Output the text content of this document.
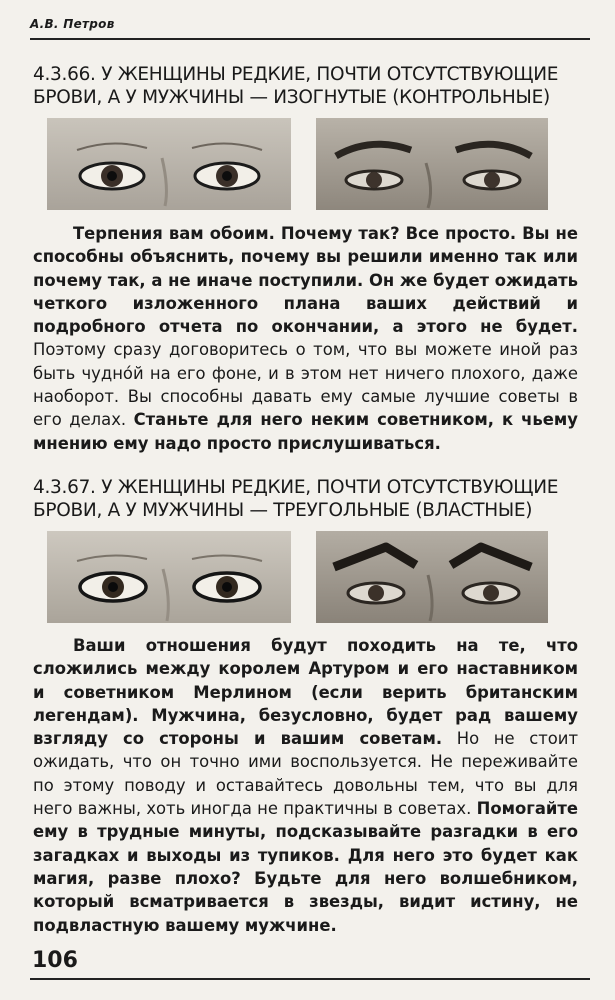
А.В. Петров
4.3.66. У ЖЕНЩИНЫ РЕДКИЕ, ПОЧТИ ОТСУТСТВУЮЩИЕ
БРОВИ, А У МУЖЧИНЫ — ИЗОГНУТЫЕ (КОНТРОЛЬНЫЕ)
Терпения вам обоим. Почему так? Все просто. Вы не способны объяснить, почему вы решили именно так или почему так, а не иначе поступили. Он же будет ожидать четкого изложенного плана ваших действий и подробного отчета по окончании, а этого не будет. Поэтому сразу договоритесь о том, что вы можете иной раз быть чудно́й на его фоне, и в этом нет ничего плохого, даже наоборот. Вы способны давать ему самые лучшие советы в его делах. Станьте для него неким советником, к чьему мнению ему надо просто прислушиваться.
4.3.67. У ЖЕНЩИНЫ РЕДКИЕ, ПОЧТИ ОТСУТСТВУЮЩИЕ
БРОВИ, А У МУЖЧИНЫ — ТРЕУГОЛЬНЫЕ (ВЛАСТНЫЕ)
Ваши отношения будут походить на те, что сложились между королем Артуром и его наставником и советником Мерлином (если верить британским легендам). Мужчина, безусловно, будет рад вашему взгляду со стороны и вашим советам. Но не стоит ожидать, что он точно ими воспользуется. Не переживайте по этому поводу и оставайтесь довольны тем, что вы для него важны, хоть иногда не практичны в советах. Помогайте ему в трудные минуты, подсказывайте разгадки в его загадках и выходы из тупиков. Для него это будет как магия, разве плохо? Будьте для него волшебником, который всматривается в звезды, видит истину, не подвластную вашему мужчине.
106
